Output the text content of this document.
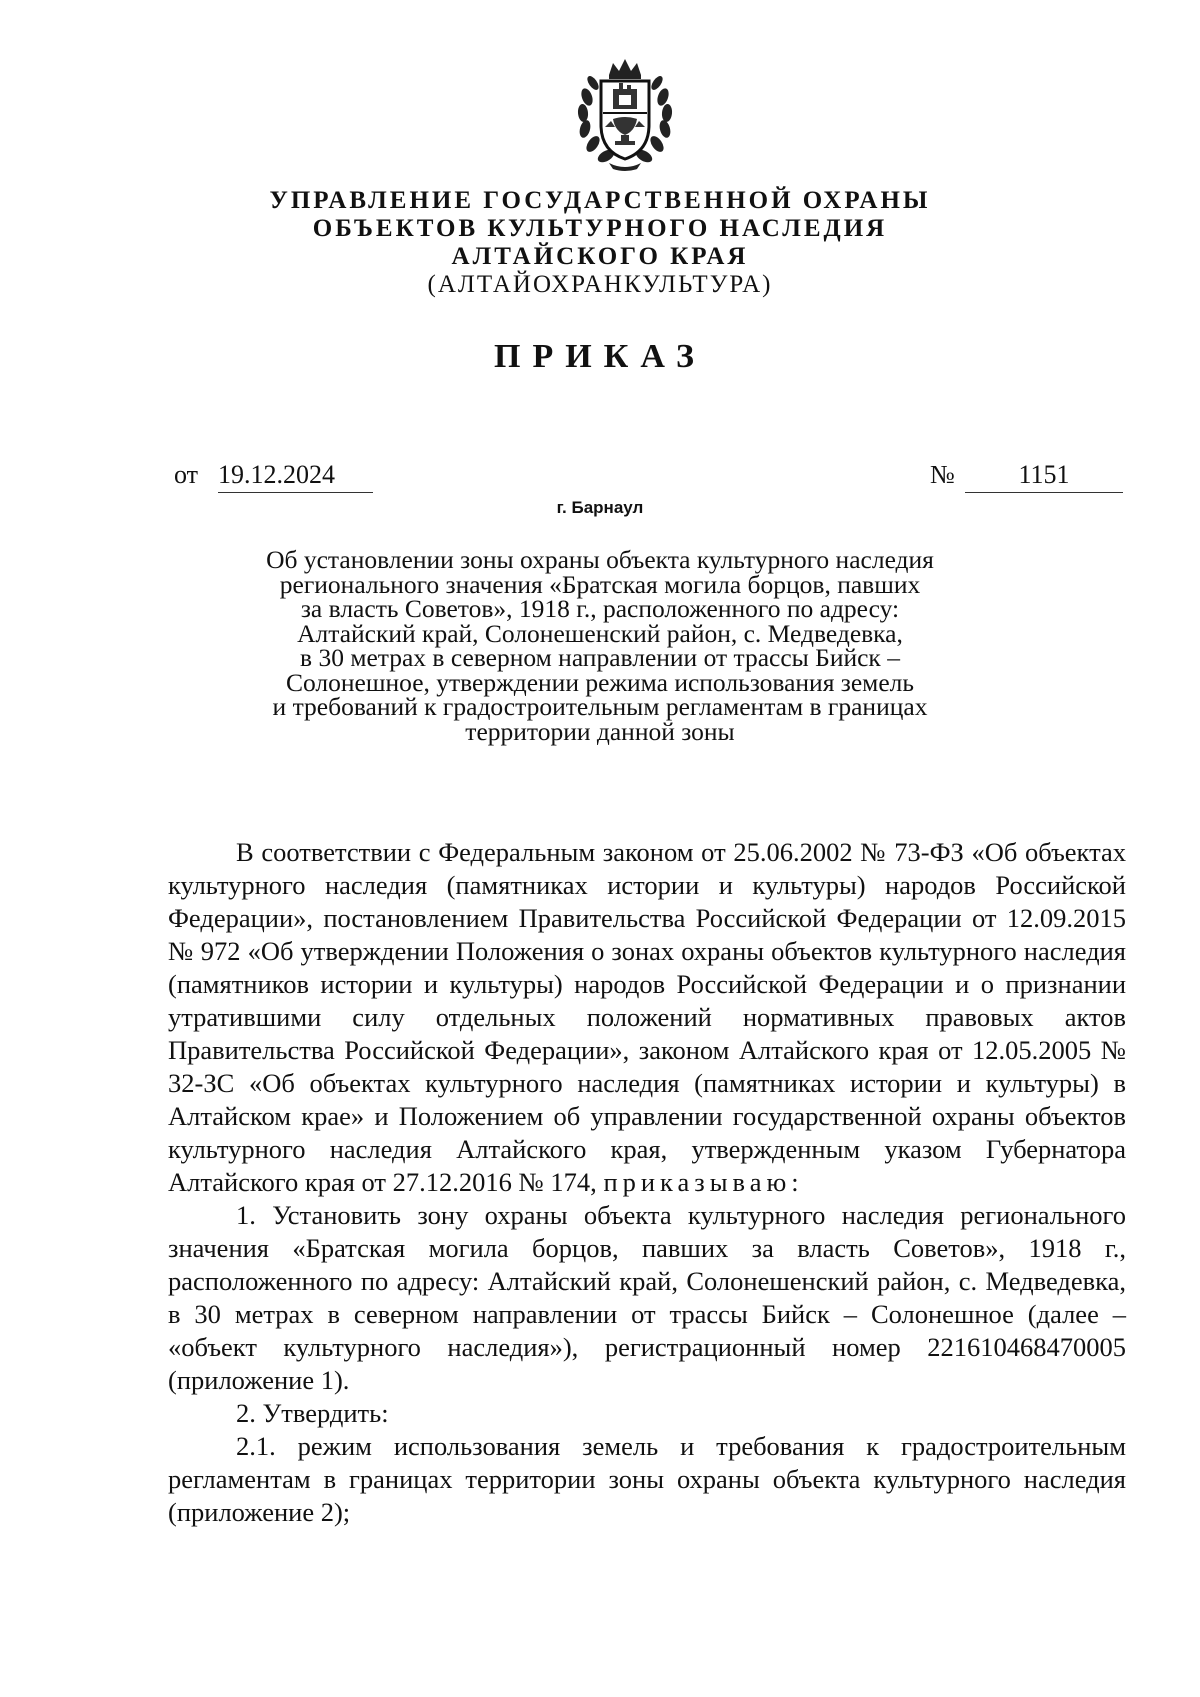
УПРАВЛЕНИЕ ГОСУДАРСТВЕННОЙ ОХРАНЫ
ОБЪЕКТОВ КУЛЬТУРНОГО НАСЛЕДИЯ
АЛТАЙСКОГО КРАЯ
(АЛТАЙОХРАНКУЛЬТУРА)
ПРИКАЗ
от 19.12.2024	№	1151
г. Барнаул
Об установлении зоны охраны объекта культурного наследия
регионального значения «Братская могила борцов, павших
за власть Советов», 1918 г., расположенного по адресу:
Алтайский край, Солонешенский район, с. Медведевка,
в 30 метрах в северном направлении от трассы Бийск –
Солонешное, утверждении режима использования земель
и требований к градостроительным регламентам в границах
территории данной зоны

В соответствии с Федеральным законом от 25.06.2002 № 73-ФЗ «Об объектах культурного наследия (памятниках истории и культуры) народов Российской Федерации», постановлением Правительства Российской Федерации от 12.09.2015 № 972 «Об утверждении Положения о зонах охраны объектов культурного наследия (памятников истории и культуры) народов Российской Федерации и о признании утратившими силу отдельных положений нормативных правовых актов Правительства Российской Федерации», законом Алтайского края от 12.05.2005 № 32-ЗС «Об объектах культурного наследия (памятниках истории и культуры) в Алтайском крае» и Положением об управлении государственной охраны объектов культурного наследия Алтайского края, утвержденным указом Губернатора Алтайского края от 27.12.2016 № 174, приказываю:

1. Установить зону охраны объекта культурного наследия регионального значения «Братская могила борцов, павших за власть Советов», 1918 г., расположенного по адресу: Алтайский край, Солонешенский район, с. Медведевка, в 30 метрах в северном направлении от трассы Бийск – Солонешное (далее – «объект культурного наследия»), регистрационный номер 221610468470005 (приложение 1).

2. Утвердить:

2.1. режим использования земель и требования к градостроительным регламентам в границах территории зоны охраны объекта культурного наследия (приложение 2);
